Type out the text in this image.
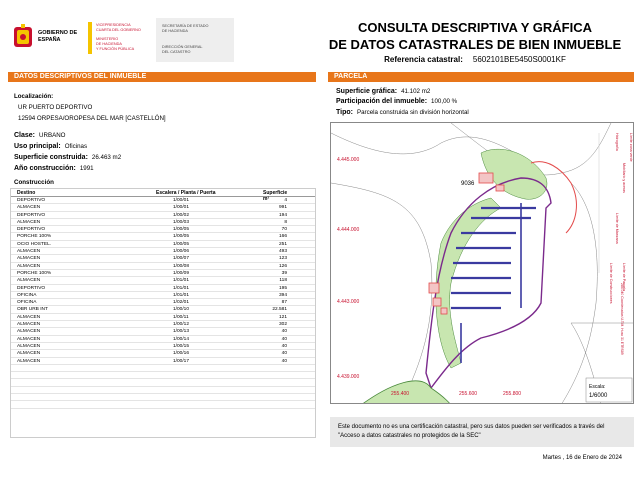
GOBIERNO DE ESPAÑA
VICEPRESIDENCIA
CUARTA DEL GOBIERNO
MINISTERIO
DE HACIENDA
Y FUNCIÓN PÚBLICA
SECRETARÍA DE ESTADO
DE HACIENDA
DIRECCIÓN GENERAL
DEL CATASTRO
CONSULTA DESCRIPTIVA Y GRÁFICA
DE DATOS CATASTRALES DE BIEN INMUEBLE
Referencia catastral: 5602101BE5450S0001KF
DATOS DESCRIPTIVOS DEL INMUEBLE	PARCELA
Localización:
UR PUERTO DEPORTIVO
12594 ORPESA/OROPESA DEL MAR [CASTELLÓN]
Clase: URBANO
Uso principal: Oficinas
Superficie construida: 26.463 m2
Año construcción: 1991
Construcción
Destino	Escalera / Planta / Puerta	Superficie m²
DEPORTIVO	1/00/01	4
ALMACEN	1/00/01	991
DEPORTIVO	1/00/02	194
ALMACEN	1/00/03	8
DEPORTIVO	1/00/05	70
PORCHE 100%	1/00/05	166
OCIO HOSTEL.	1/00/05	251
ALMACEN	1/00/06	493
ALMACEN	1/00/07	123
ALMACEN	1/00/08	126
PORCHE 100%	1/00/09	39
ALMACEN	1/01/01	118
DEPORTIVO	1/01/01	195
OFICINA	1/01/01	394
OFICINA	1/02/01	87
OBR URB INT	1/00/10	22.581
ALMACEN	1/00/11	121
ALMACEN	1/00/12	302
ALMACEN	1/00/13	40
ALMACEN	1/00/14	40
ALMACEN	1/00/15	40
ALMACEN	1/00/16	40
ALMACEN	1/00/17	40
Superficie gráfica: 41.102 m2
Participación del inmueble: 100,00 %
Tipo: Parcela construida sin división horizontal
4.445.000
4.444.000
4.443.000
4.439.000
255.400	255.600	255.800
9036
Escala:
1/6000
Hidrografía
Mobiliario y aceras
Límite de Manzana
Límite de Parcela
Límite de Construcciones
Límite zona verde
285.040 Coordenadas U.T.M. Huso 31 ETRS89
Este documento no es una certificación catastral, pero sus datos pueden ser verificados a través del "Acceso a datos catastrales no protegidos de la SEC"
Martes , 16 de Enero de 2024
